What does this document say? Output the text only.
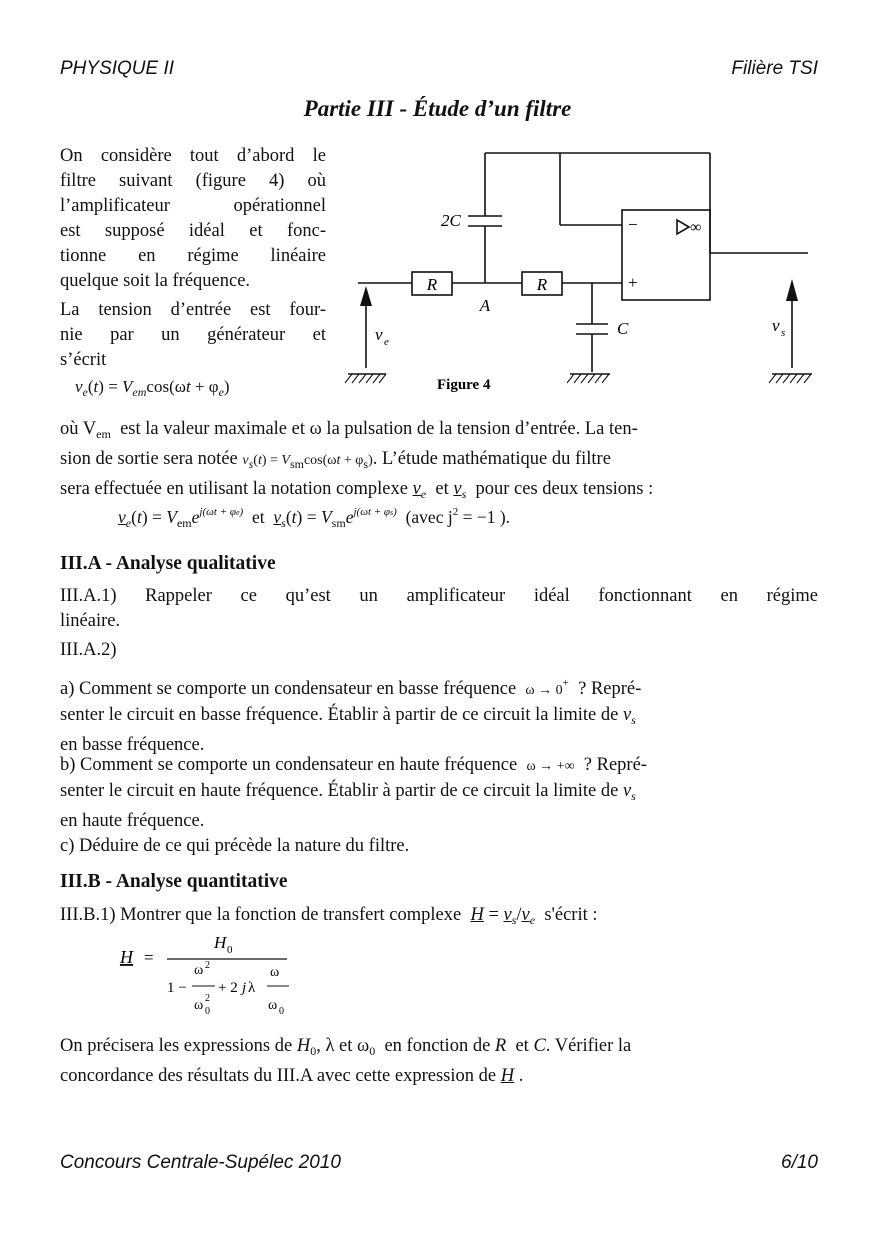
PHYSIQUE II	Filière TSI
Partie III - Étude d’un filtre
On considère tout d’abord le
filtre suivant (figure 4) où
l’amplificateur opérationnel
est supposé idéal et fonc-
tionne en régime linéaire
quelque soit la fréquence.
La tension d’entrée est four-
nie par un générateur et
s’écrit
$v_e(t) = V_{em}\cos(\omega t + \varphi_e)$
2C
R	R
A
C
−
+
∞
v e
v s
Figure 4
où $V_{em}$ est la valeur maximale et ω la pulsation de la tension d’entrée. La ten-
sion de sortie sera notée vs(t) = Vsmcos(ωt + φs). L’étude mathématique du filtre
sera effectuée en utilisant la notation complexe $v_e$ et $v_s$ pour ces deux tensions :
$v_e(t) = V_{em}e^{j(\omega t + \varphi e)}$ et $v_s(t) = V_{sm}e^{j(\omega t + \varphi s)}$ (avec $j^2 = -1$ ).
III.A - Analyse qualitative
III.A.1) Rappeler ce qu’est un amplificateur idéal fonctionnant en régime
linéaire.
III.A.2)
a) Comment se comporte un condensateur en basse fréquence ω → 0+ ? Repré-
senter le circuit en basse fréquence. Établir à partir de ce circuit la limite de $v_s$
en basse fréquence.
b) Comment se comporte un condensateur en haute fréquence ω → +∞ ? Repré-
senter le circuit en haute fréquence. Établir à partir de ce circuit la limite de $v_s$
en haute fréquence.
c) Déduire de ce qui précède la nature du filtre.
III.B - Analyse quantitative
III.B.1) Montrer que la fonction de transfert complexe $H = v_s/v_e$ s'écrit :
H =
H 0
1 −
ω 2
ω 2
0
+ 2 j λ
ω
ω 0
On précisera les expressions de $H_0$, λ et $\omega_0$ en fonction de R  et C. Vérifier la
concordance des résultats du III.A avec cette expression de H .
Concours Centrale-Supélec 2010	6/10
